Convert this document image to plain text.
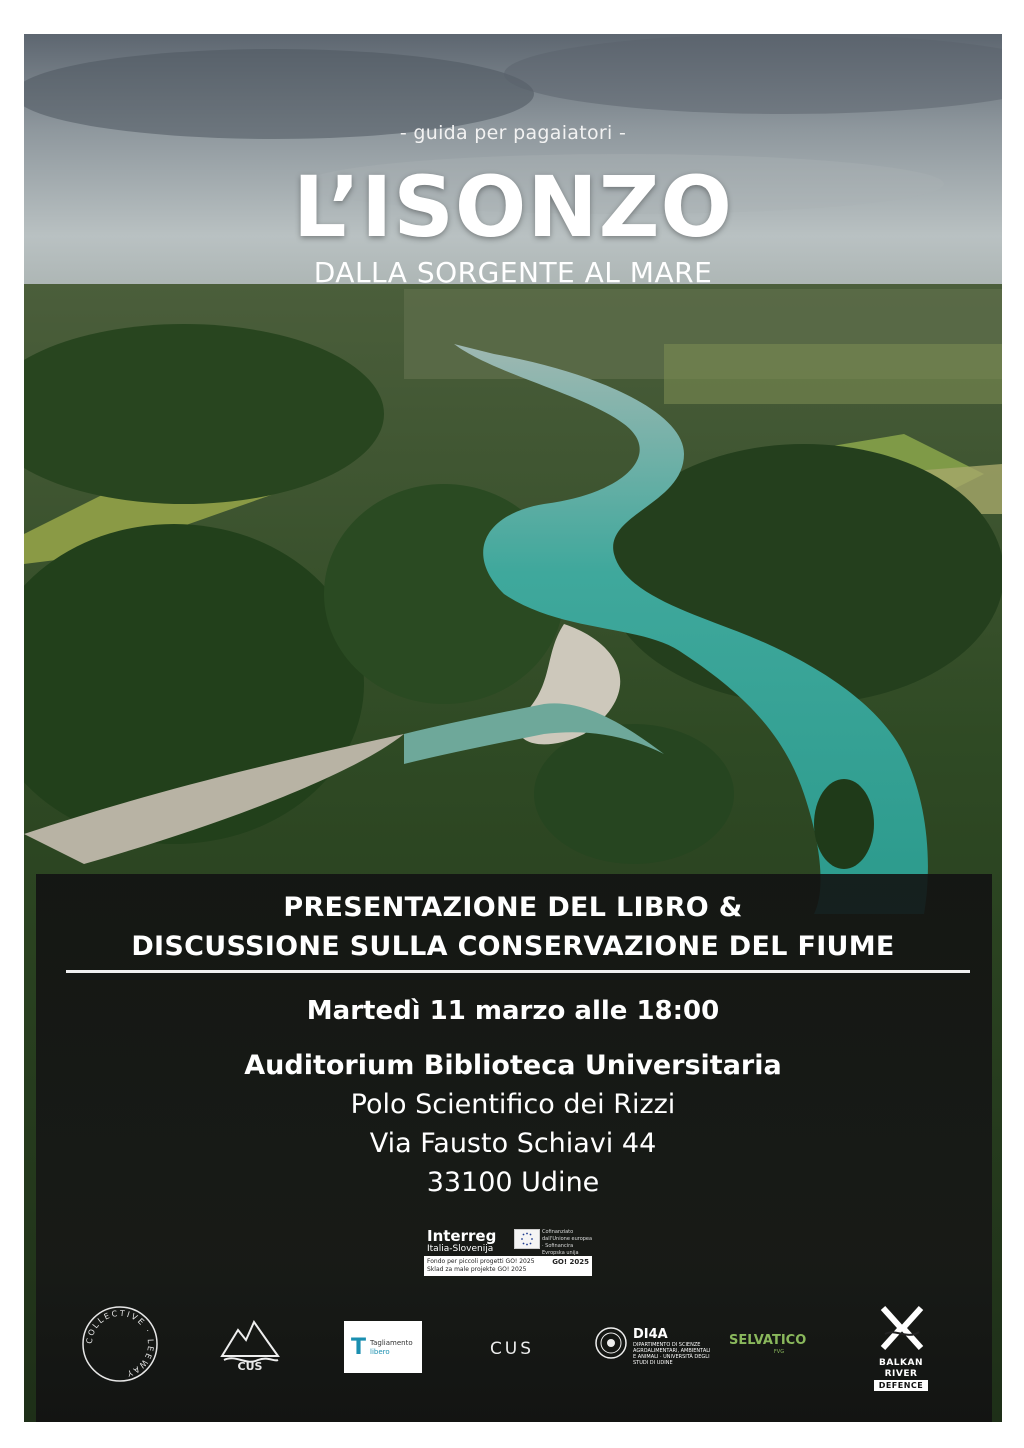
- guida per pagaiatori -
L’ISONZO
DALLA SORGENTE AL MARE
PRESENTAZIONE DEL LIBRO &
DISCUSSIONE SULLA CONSERVAZIONE DEL FIUME
Martedì 11 marzo alle 18:00
Auditorium Biblioteca Universitaria
Polo Scientifico dei Rizzi
Via Fausto Schiavi 44
33100 Udine
Interreg
Italia-Slovenija
Cofinanziato dall'Unione europea · Sofinancira Evropska unija
Fondo per piccoli progetti GO! 2025
Sklad za male projekte GO! 2025
GO! 2025
COLLECTIVE · LEEWAY
CUS
T Tagliamento
libero	CUS
DI4A
DIPARTIMENTO DI SCIENZE AGROALIMENTARI, AMBIENTALI E ANIMALI · UNIVERSITÀ DEGLI STUDI DI UDINE
SELVATICO
FVG
BALKAN
RIVER
DEFENCE
